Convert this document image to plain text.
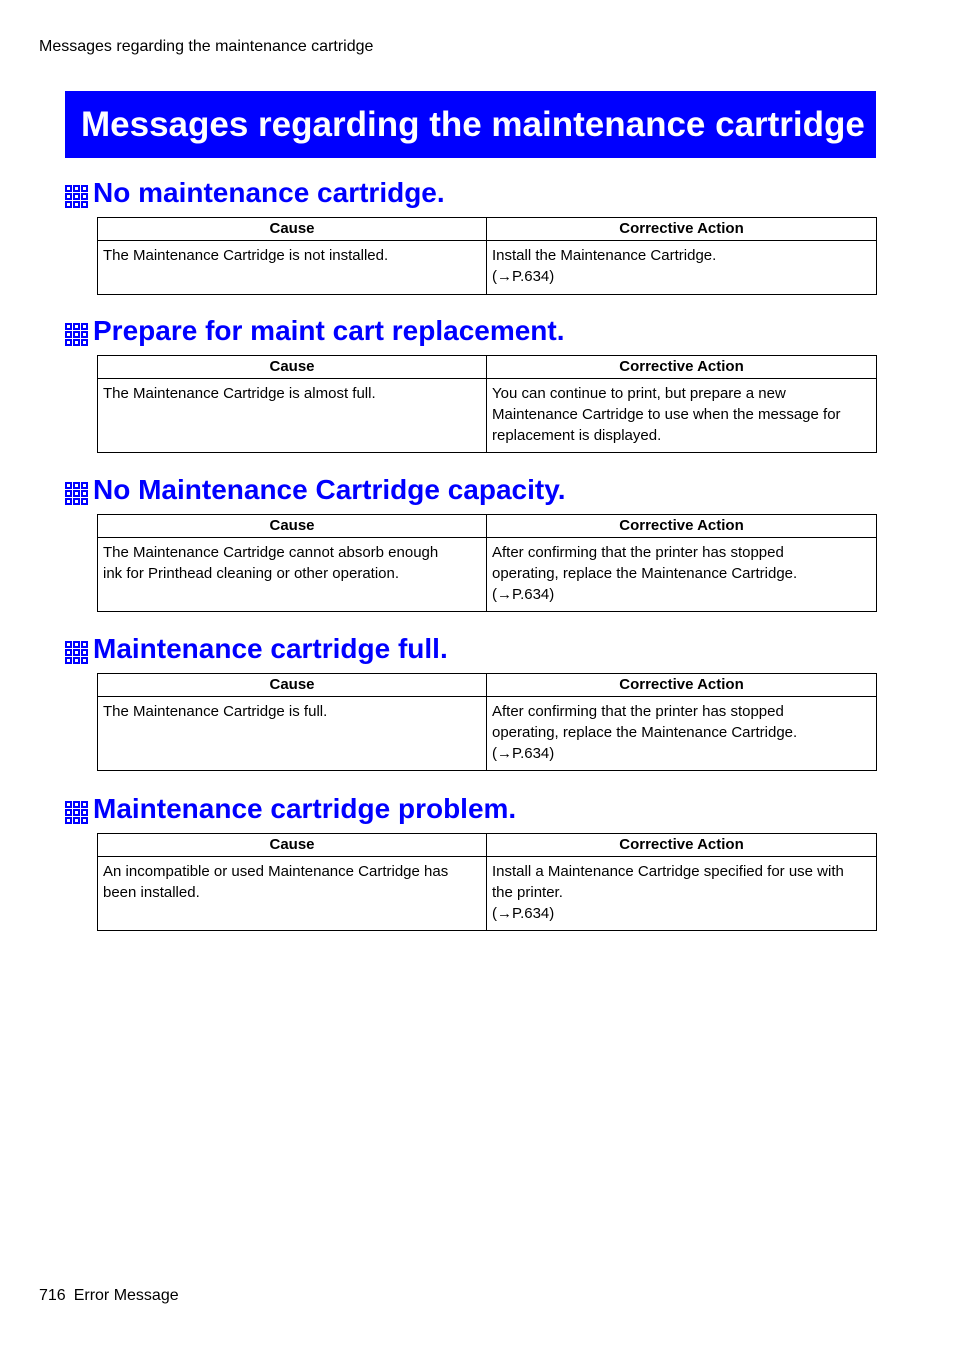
Messages regarding the maintenance cartridge
Messages regarding the maintenance cartridge
No maintenance cartridge.
Cause	Corrective Action

The Maintenance Cartridge is not installed.	Install the Maintenance Cartridge.
(→P.634)
Prepare for maint cart replacement.
Cause	Corrective Action

The Maintenance Cartridge is almost full.	You can continue to print, but prepare a new
Maintenance Cartridge to use when the message for
replacement is displayed.
No Maintenance Cartridge capacity.
Cause	Corrective Action

The Maintenance Cartridge cannot absorb enough
ink for Printhead cleaning or other operation.	After confirming that the printer has stopped
operating, replace the Maintenance Cartridge.
(→P.634)
Maintenance cartridge full.
Cause	Corrective Action

The Maintenance Cartridge is full.	After confirming that the printer has stopped
operating, replace the Maintenance Cartridge.
(→P.634)
Maintenance cartridge problem.
Cause	Corrective Action

An incompatible or used Maintenance Cartridge has
been installed.	Install a Maintenance Cartridge specified for use with
the printer.
(→P.634)
716 Error Message
